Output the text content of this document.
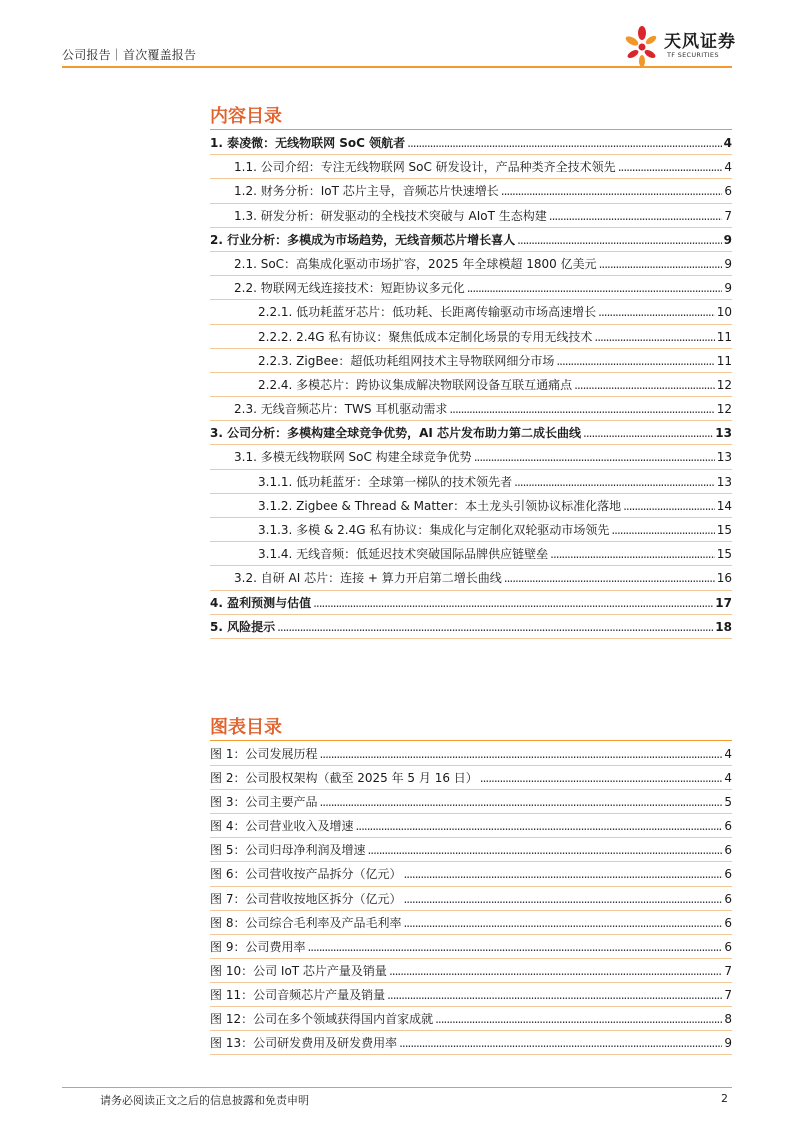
公司报告｜首次覆盖报告
天风证券
TF SECURITIES
内容目录
1. 泰凌微：无线物联网 SoC 领航者 .....	4
1.1. 公司介绍：专注无线物联网 SoC 研发设计，产品种类齐全技术领先 .....	4
1.2. 财务分析：IoT 芯片主导，音频芯片快速增长 .....	6
1.3. 研发分析：研发驱动的全栈技术突破与 AIoT 生态构建 .....	7
2. 行业分析：多模成为市场趋势，无线音频芯片增长喜人 .....	9
2.1. SoC：高集成化驱动市场扩容，2025 年全球模超 1800 亿美元 .....	9
2.2. 物联网无线连接技术：短距协议多元化 .....	9
2.2.1. 低功耗蓝牙芯片：低功耗、长距离传输驱动市场高速增长 .....	10
2.2.2. 2.4G 私有协议：聚焦低成本定制化场景的专用无线技术 .....	11
2.2.3. ZigBee：超低功耗组网技术主导物联网细分市场 .....	11
2.2.4. 多模芯片：跨协议集成解决物联网设备互联互通痛点 .....	12
2.3. 无线音频芯片：TWS 耳机驱动需求 .....	12
3. 公司分析：多模构建全球竞争优势，AI 芯片发布助力第二成长曲线 .....	13
3.1. 多模无线物联网 SoC 构建全球竞争优势 .....	13
3.1.1. 低功耗蓝牙：全球第一梯队的技术领先者 .....	13
3.1.2. Zigbee & Thread & Matter：本土龙头引领协议标准化落地 .....	14
3.1.3. 多模 & 2.4G 私有协议：集成化与定制化双轮驱动市场领先 .....	15
3.1.4. 无线音频：低延迟技术突破国际品牌供应链壁垒 .....	15
3.2. 自研 AI 芯片：连接 + 算力开启第二增长曲线 .....	16
4. 盈利预测与估值 .....	17
5. 风险提示 .....	18
图表目录
图 1：公司发展历程 .....	4
图 2：公司股权架构（截至 2025 年 5 月 16 日） .....	4
图 3：公司主要产品 .....	5
图 4：公司营业收入及增速 .....	6
图 5：公司归母净利润及增速 .....	6
图 6：公司营收按产品拆分（亿元） .....	6
图 7：公司营收按地区拆分（亿元） .....	6
图 8：公司综合毛利率及产品毛利率 .....	6
图 9：公司费用率 .....	6
图 10：公司 IoT 芯片产量及销量 .....	7
图 11：公司音频芯片产量及销量 .....	7
图 12：公司在多个领域获得国内首家成就 .....	8
图 13：公司研发费用及研发费用率 .....	9
请务必阅读正文之后的信息披露和免责申明	2
